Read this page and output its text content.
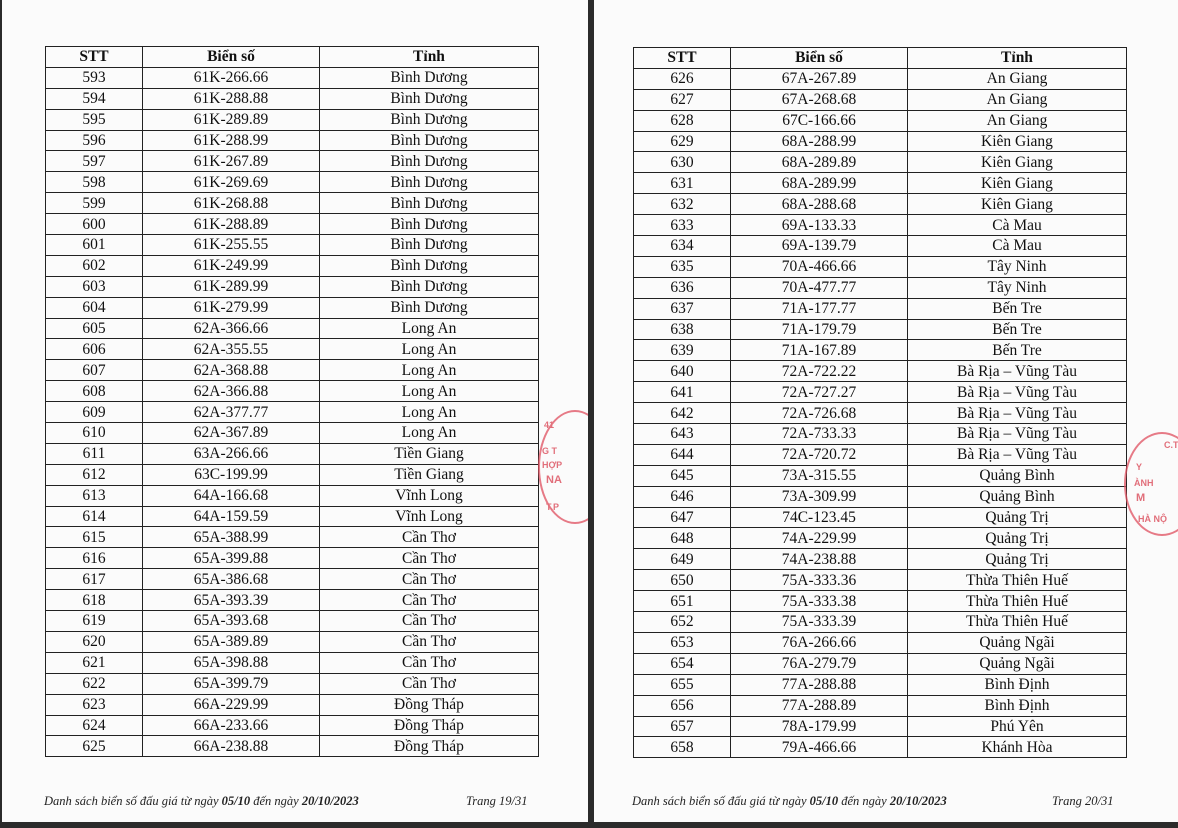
STT	Biển số	Tỉnh
593	61K-266.66	Bình Dương
594	61K-288.88	Bình Dương
595	61K-289.89	Bình Dương
596	61K-288.99	Bình Dương
597	61K-267.89	Bình Dương
598	61K-269.69	Bình Dương
599	61K-268.88	Bình Dương
600	61K-288.89	Bình Dương
601	61K-255.55	Bình Dương
602	61K-249.99	Bình Dương
603	61K-289.99	Bình Dương
604	61K-279.99	Bình Dương
605	62A-366.66	Long An
606	62A-355.55	Long An
607	62A-368.88	Long An
608	62A-366.88	Long An
609	62A-377.77	Long An
610	62A-367.89	Long An
611	63A-266.66	Tiền Giang
612	63C-199.99	Tiền Giang
613	64A-166.68	Vĩnh Long
614	64A-159.59	Vĩnh Long
615	65A-388.99	Cần Thơ
616	65A-399.88	Cần Thơ
617	65A-386.68	Cần Thơ
618	65A-393.39	Cần Thơ
619	65A-393.68	Cần Thơ
620	65A-389.89	Cần Thơ
621	65A-398.88	Cần Thơ
622	65A-399.79	Cần Thơ
623	66A-229.99	Đồng Tháp
624	66A-233.66	Đồng Tháp
625	66A-238.88	Đồng Tháp
41
G T
HỢP
NA
T.P
Danh sách biển số đấu giá từ ngày 05/10 đến ngày 20/10/2023	Trang 19/31
STT	Biển số	Tỉnh
626	67A-267.89	An Giang
627	67A-268.68	An Giang
628	67C-166.66	An Giang
629	68A-288.99	Kiên Giang
630	68A-289.89	Kiên Giang
631	68A-289.99	Kiên Giang
632	68A-288.68	Kiên Giang
633	69A-133.33	Cà Mau
634	69A-139.79	Cà Mau
635	70A-466.66	Tây Ninh
636	70A-477.77	Tây Ninh
637	71A-177.77	Bến Tre
638	71A-179.79	Bến Tre
639	71A-167.89	Bến Tre
640	72A-722.22	Bà Rịa – Vũng Tàu
641	72A-727.27	Bà Rịa – Vũng Tàu
642	72A-726.68	Bà Rịa – Vũng Tàu
643	72A-733.33	Bà Rịa – Vũng Tàu
644	72A-720.72	Bà Rịa – Vũng Tàu
645	73A-315.55	Quảng Bình
646	73A-309.99	Quảng Bình
647	74C-123.45	Quảng Trị
648	74A-229.99	Quảng Trị
649	74A-238.88	Quảng Trị
650	75A-333.36	Thừa Thiên Huế
651	75A-333.38	Thừa Thiên Huế
652	75A-333.39	Thừa Thiên Huế
653	76A-266.66	Quảng Ngãi
654	76A-279.79	Quảng Ngãi
655	77A-288.88	Bình Định
656	77A-288.89	Bình Định
657	78A-179.99	Phú Yên
658	79A-466.66	Khánh Hòa
C.T
Y
ÀNH
M
HÀ NỘ
Danh sách biển số đấu giá từ ngày 05/10 đến ngày 20/10/2023	Trang 20/31
